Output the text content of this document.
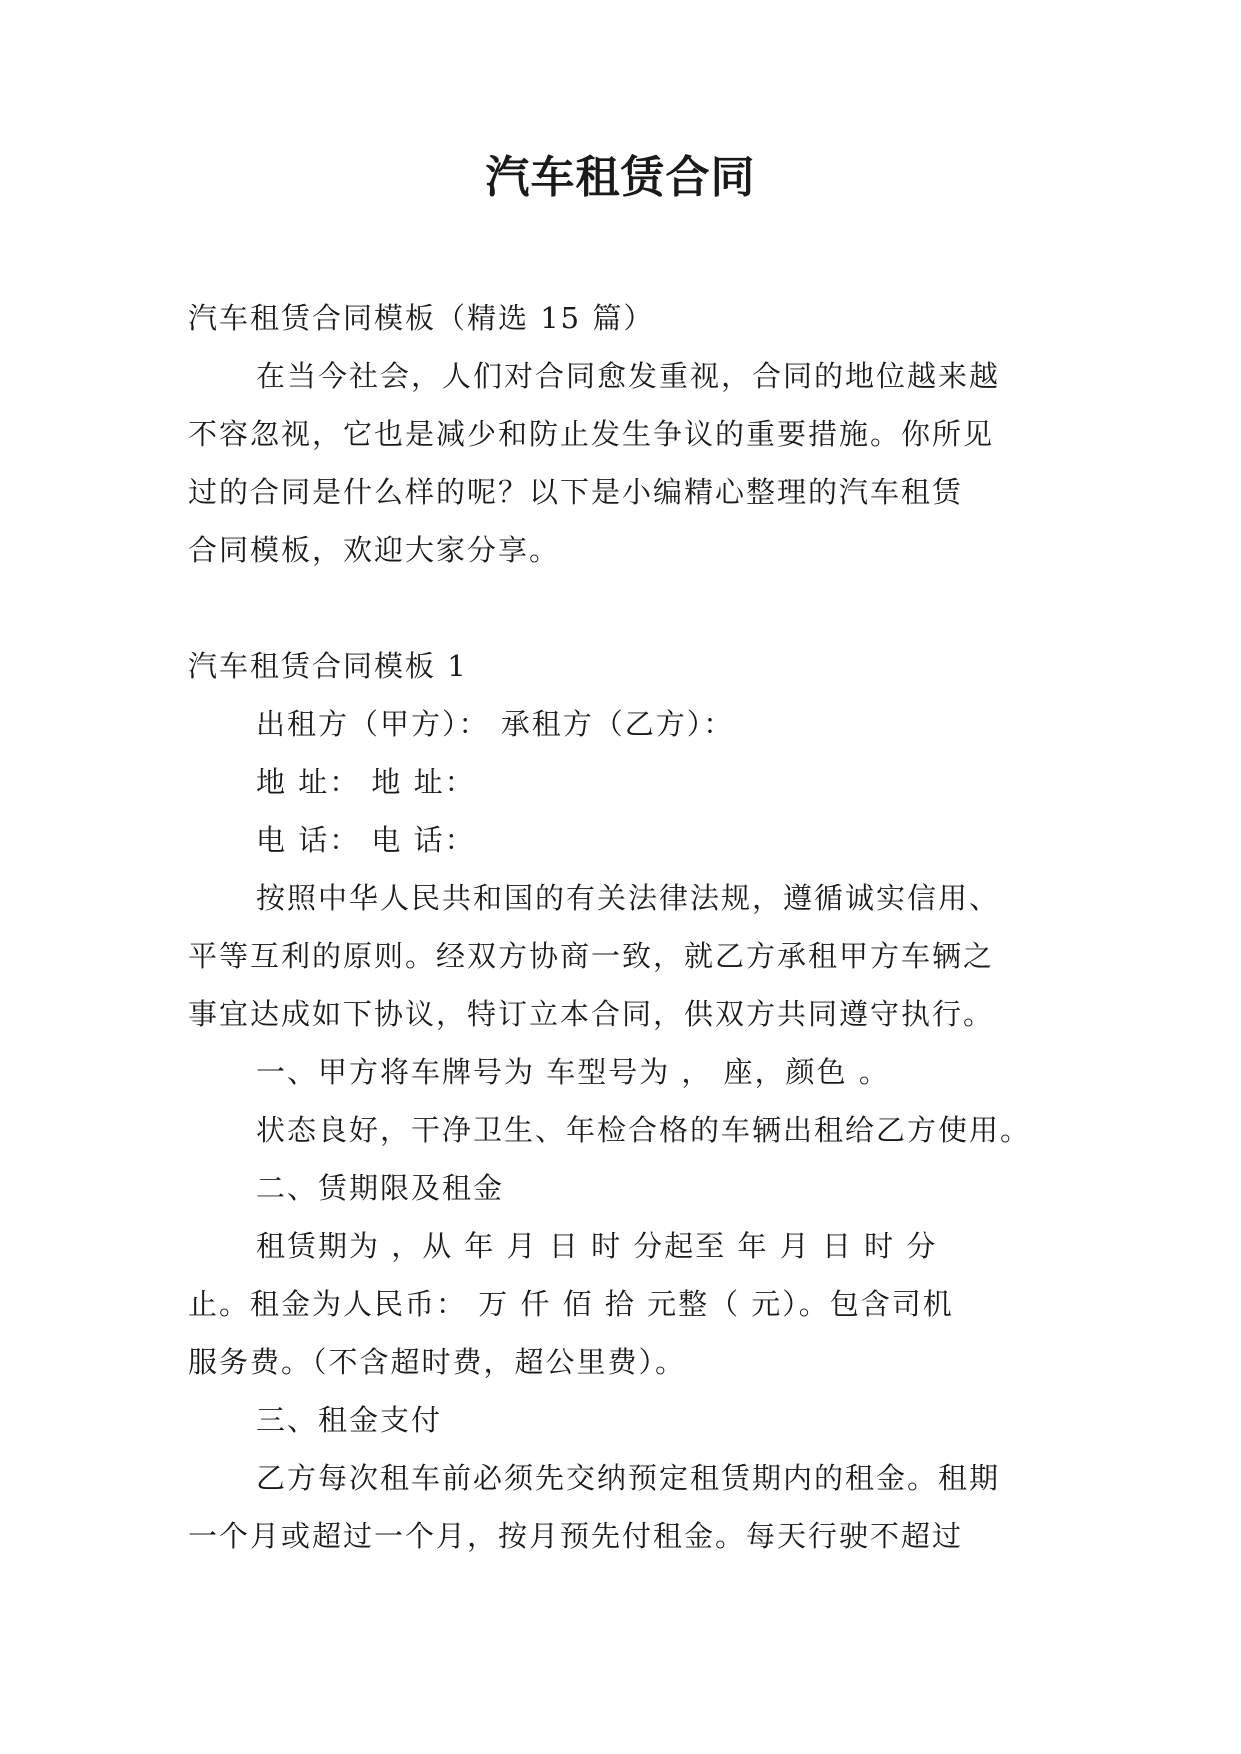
汽车租赁合同
汽车租赁合同模板（精选 15 篇）
在当今社会，人们对合同愈发重视，合同的地位越来越
不容忽视，它也是减少和防止发生争议的重要措施。你所见
过的合同是什么样的呢？以下是小编精心整理的汽车租赁
合同模板，欢迎大家分享。
汽车租赁合同模板 1
出租方（甲方）： 承租方（乙方）：
地 址： 地 址：
电 话： 电 话：
按照中华人民共和国的有关法律法规，遵循诚实信用、
平等互利的原则。经双方协商一致，就乙方承租甲方车辆之
事宜达成如下协议，特订立本合同，供双方共同遵守执行。
一、甲方将车牌号为 车型号为 ， 座，颜色 。
状态良好，干净卫生、年检合格的车辆出租给乙方使用。
二、赁期限及租金
租赁期为 ，从 年 月 日 时 分起至 年 月 日 时 分
止。租金为人民币： 万 仟 佰 拾 元整（ 元）。包含司机
服务费。（不含超时费，超公里费）。
三、租金支付
乙方每次租车前必须先交纳预定租赁期内的租金。租期
一个月或超过一个月，按月预先付租金。每天行驶不超过
